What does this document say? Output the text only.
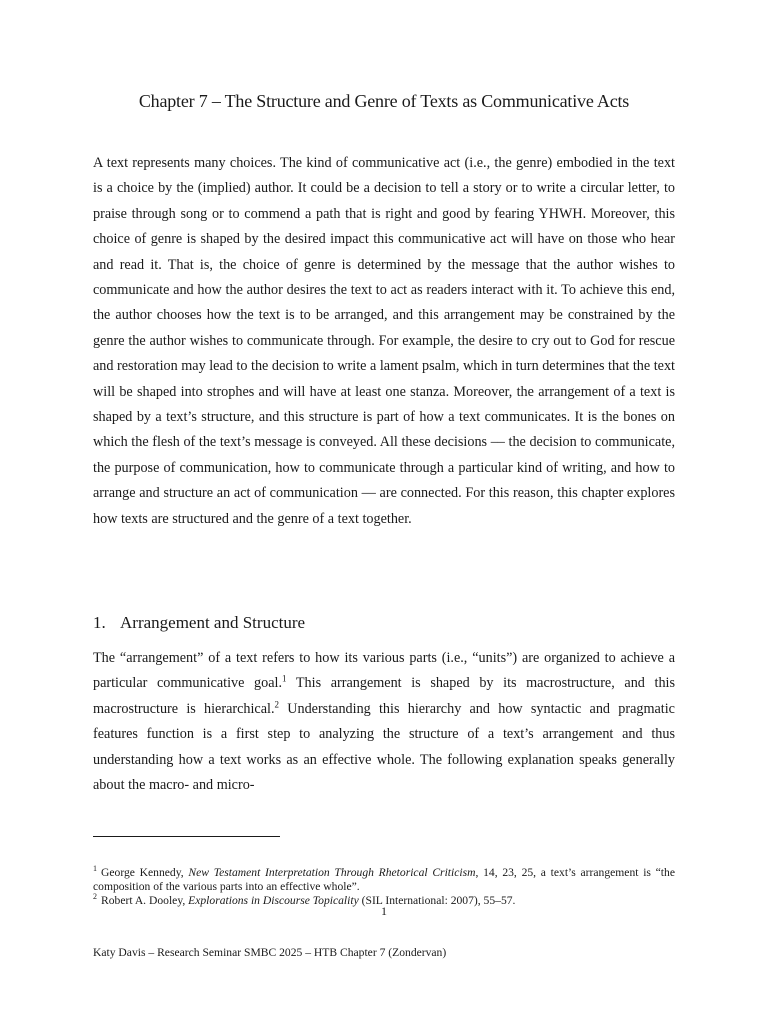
Chapter 7 – The Structure and Genre of Texts as Communicative Acts

A text represents many choices. The kind of communicative act (i.e., the genre) embodied in the text is a choice by the (implied) author. It could be a decision to tell a story or to write a circular letter, to praise through song or to commend a path that is right and good by fearing YHWH. Moreover, this choice of genre is shaped by the desired impact this communicative act will have on those who hear and read it. That is, the choice of genre is determined by the message that the author wishes to communicate and how the author desires the text to act as readers interact with it. To achieve this end, the author chooses how the text is to be arranged, and this arrangement may be constrained by the genre the author wishes to communicate through. For example, the desire to cry out to God for rescue and restoration may lead to the decision to write a lament psalm, which in turn determines that the text will be shaped into strophes and will have at least one stanza. Moreover, the arrangement of a text is shaped by a text’s structure, and this structure is part of how a text communicates. It is the bones on which the flesh of the text’s message is conveyed. All these decisions –– the decision to communicate, the purpose of communication, how to communicate through a particular kind of writing, and how to arrange and structure an act of communication –– are connected. For this reason, this chapter explores how texts are structured and the genre of a text together.

1. Arrangement and Structure

The “arrangement” of a text refers to how its various parts (i.e., “units”) are organized to achieve a particular communicative goal.$^1$ This arrangement is shaped by its macrostructure, and this macrostructure is hierarchical.$^2$ Understanding this hierarchy and how syntactic and pragmatic features function is a first step to analyzing the structure of a text’s arrangement and thus understanding how a text works as an effective whole. The following explanation speaks generally about the macro- and micro-

$^1$ George Kennedy, New Testament Interpretation Through Rhetorical Criticism, 14, 23, 25, a text’s arrangement is “the composition of the various parts into an effective whole”.

$^2$ Robert A. Dooley, Explorations in Discourse Topicality (SIL International: 2007), 55–57.

1
Katy Davis – Research Seminar SMBC 2025 – HTB Chapter 7 (Zondervan)
